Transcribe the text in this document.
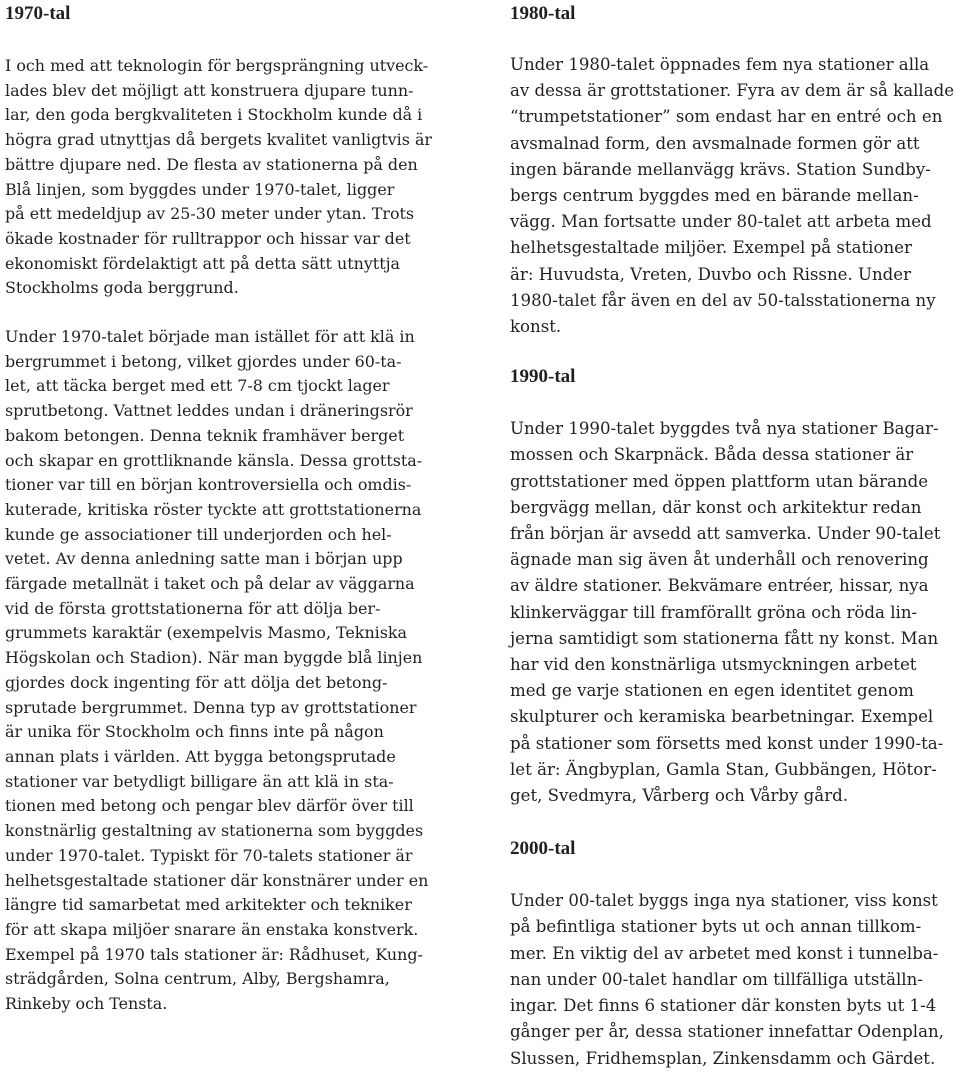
1970-tal

I och med att teknologin för bergsprängning utveck-
lades blev det möjligt att konstruera djupare tunn-
lar, den goda bergkvaliteten i Stockholm kunde då i
högra grad utnyttjas då bergets kvalitet vanligtvis är
bättre djupare ned. De flesta av stationerna på den
Blå linjen, som byggdes under 1970-talet, ligger
på ett medeldjup av 25-30 meter under ytan. Trots
ökade kostnader för rulltrappor och hissar var det
ekonomiskt fördelaktigt att på detta sätt utnyttja
Stockholms goda berggrund.

Under 1970-talet började man istället för att klä in
bergrummet i betong, vilket gjordes under 60-ta-
let, att täcka berget med ett 7-8 cm tjockt lager
sprutbetong. Vattnet leddes undan i dräneringsrör
bakom betongen. Denna teknik framhäver berget
och skapar en grottliknande känsla. Dessa grottsta-
tioner var till en början kontroversiella och omdis-
kuterade, kritiska röster tyckte att grottstationerna
kunde ge associationer till underjorden och hel-
vetet. Av denna anledning satte man i början upp
färgade metallnät i taket och på delar av väggarna
vid de första grottstationerna för att dölja ber-
grummets karaktär (exempelvis Masmo, Tekniska
Högskolan och Stadion). När man byggde blå linjen
gjordes dock ingenting för att dölja det betong-
sprutade bergrummet. Denna typ av grottstationer
är unika för Stockholm och finns inte på någon
annan plats i världen. Att bygga betongsprutade
stationer var betydligt billigare än att klä in sta-
tionen med betong och pengar blev därför över till
konstnärlig gestaltning av stationerna som byggdes
under 1970-talet. Typiskt för 70-talets stationer är
helhetsgestaltade stationer där konstnärer under en
längre tid samarbetat med arkitekter och tekniker
för att skapa miljöer snarare än enstaka konstverk.
Exempel på 1970 tals stationer är: Rådhuset, Kung-
strädgården, Solna centrum, Alby, Bergshamra,
Rinkeby och Tensta.

1980-tal

Under 1980-talet öppnades fem nya stationer alla
av dessa är grottstationer. Fyra av dem är så kallade
“trumpetstationer” som endast har en entré och en
avsmalnad form, den avsmalnade formen gör att
ingen bärande mellanvägg krävs. Station Sundby-
bergs centrum byggdes med en bärande mellan-
vägg. Man fortsatte under 80-talet att arbeta med
helhetsgestaltade miljöer. Exempel på stationer
är: Huvudsta, Vreten, Duvbo och Rissne. Under
1980-talet får även en del av 50-talsstationerna ny
konst.

1990-tal

Under 1990-talet byggdes två nya stationer Bagar-
mossen och Skarpnäck. Båda dessa stationer är
grottstationer med öppen plattform utan bärande
bergvägg mellan, där konst och arkitektur redan
från början är avsedd att samverka. Under 90-talet
ägnade man sig även åt underhåll och renovering
av äldre stationer. Bekvämare entréer, hissar, nya
klinkerväggar till framförallt gröna och röda lin-
jerna samtidigt som stationerna fått ny konst. Man
har vid den konstnärliga utsmyckningen arbetet
med ge varje stationen en egen identitet genom
skulpturer och keramiska bearbetningar. Exempel
på stationer som försetts med konst under 1990-ta-
let är: Ängbyplan, Gamla Stan, Gubbängen, Hötor-
get, Svedmyra, Vårberg och Vårby gård.

2000-tal

Under 00-talet byggs inga nya stationer, viss konst
på befintliga stationer byts ut och annan tillkom-
mer. En viktig del av arbetet med konst i tunnelba-
nan under 00-talet handlar om tillfälliga utställn-
ingar. Det finns 6 stationer där konsten byts ut 1-4
gånger per år, dessa stationer innefattar Odenplan,
Slussen, Fridhemsplan, Zinkensdamm och Gärdet.
